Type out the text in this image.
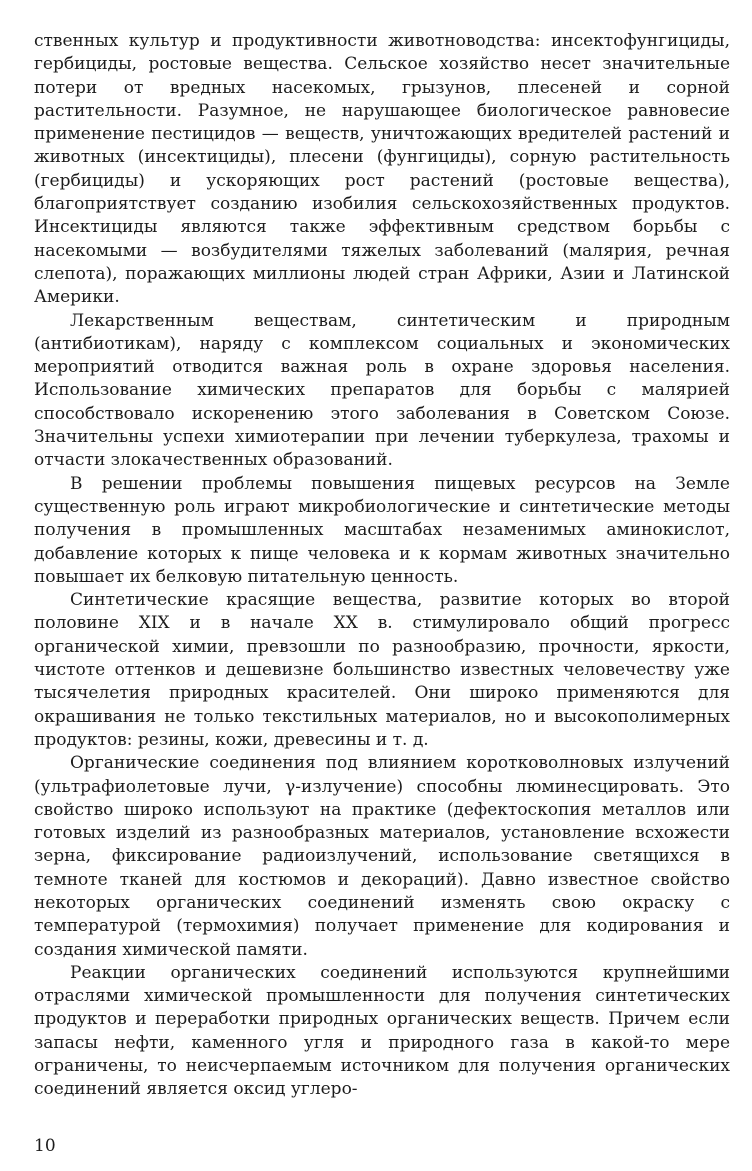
ственных культур и продуктивности животноводства: инсектофунгициды, гербициды, ростовые вещества. Сельское хозяйство несет значительные потери от вредных насекомых, грызунов, плесеней и сорной растительности. Разумное, не нарушающее биологическое равновесие применение пестицидов — веществ, уничтожающих вредителей растений и животных (инсектициды), плесени (фунгициды), сорную растительность (гербициды) и ускоряющих рост растений (ростовые вещества), благоприятствует созданию изобилия сельскохозяйственных продуктов. Инсектициды являются также эффективным средством борьбы с насекомыми — возбудителями тяжелых заболеваний (малярия, речная слепота), поражающих миллионы людей стран Африки, Азии и Латинской Америки.

Лекарственным веществам, синтетическим и природным (антибиотикам), наряду с комплексом социальных и экономических мероприятий отводится важная роль в охране здоровья населения. Использование химических препаратов для борьбы с малярией способствовало искоренению этого заболевания в Советском Союзе. Значительны успехи химиотерапии при лечении туберкулеза, трахомы и отчасти злокачественных образований.

В решении проблемы повышения пищевых ресурсов на Земле существенную роль играют микробиологические и синтетические методы получения в промышленных масштабах незаменимых аминокислот, добавление которых к пище человека и к кормам животных значительно повышает их белковую питательную ценность.

Синтетические красящие вещества, развитие которых во второй половине XIX и в начале XX в. стимулировало общий прогресс органической химии, превзошли по разнообразию, прочности, яркости, чистоте оттенков и дешевизне большинство известных человечеству уже тысячелетия природных красителей. Они широко применяются для окрашивания не только текстильных материалов, но и высокополимерных продуктов: резины, кожи, древесины и т. д.

Органические соединения под влиянием коротковолновых излучений (ультрафиолетовые лучи, γ-излучение) способны люминесцировать. Это свойство широко используют на практике (дефектоскопия металлов или готовых изделий из разнообразных материалов, установление всхожести зерна, фиксирование радиоизлучений, использование светящихся в темноте тканей для костюмов и декораций). Давно известное свойство некоторых органических соединений изменять свою окраску с температурой (термохимия) получает применение для кодирования и создания химической памяти.

Реакции органических соединений используются крупнейшими отраслями химической промышленности для получения синтетических продуктов и переработки природных органических веществ. Причем если запасы нефти, каменного угля и природного газа в какой-то мере ограничены, то неисчерпаемым источником для получения органических соединений является оксид углеро-

10
